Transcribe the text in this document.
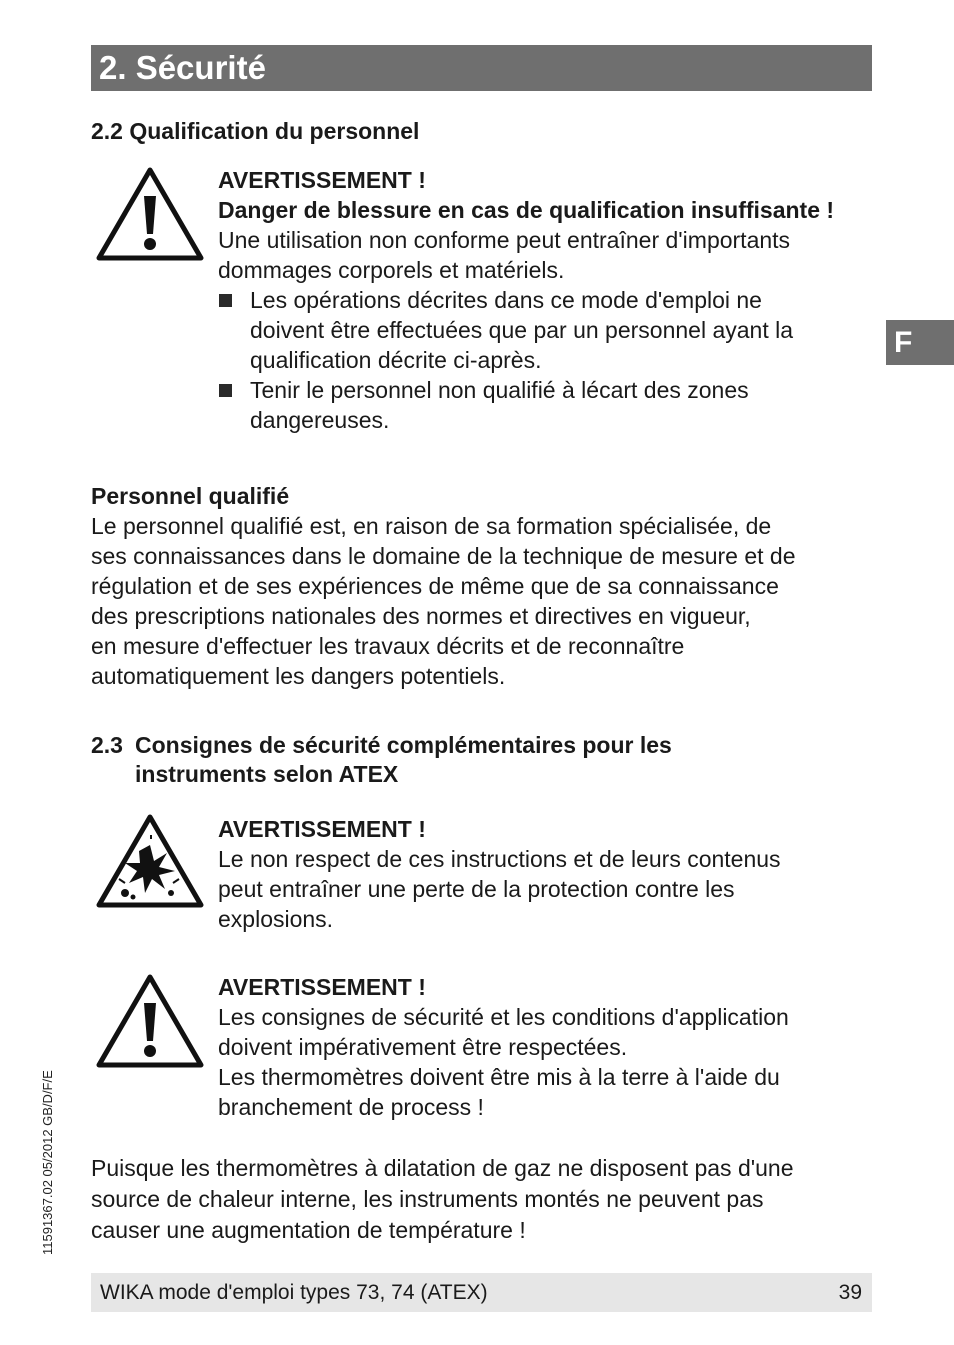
2. Sécurité
F
2.2 Qualification du personnel
AVERTISSEMENT !
Danger de blessure en cas de qualification insuffisante !
Une utilisation non conforme peut entraîner d'importants
dommages corporels et matériels.
Les opérations décrites dans ce mode d'emploi ne
doivent être effectuées que par un personnel ayant la
qualification décrite ci-après.
Tenir le personnel non qualifié à lécart des zones
dangereuses.
Personnel qualifié
Le personnel qualifié est, en raison de sa formation spécialisée, de
ses connaissances dans le domaine de la technique de mesure et de
régulation et de ses expériences de même que de sa connaissance
des prescriptions nationales des normes et directives en vigueur,
en mesure d'effectuer les travaux décrits et de reconnaître
automatiquement les dangers potentiels.
2.3 Consignes de sécurité complémentaires pour les
instruments selon ATEX
AVERTISSEMENT !
Le non respect de ces instructions et de leurs contenus
peut entraîner une perte de la protection contre les
explosions.
AVERTISSEMENT !
Les consignes de sécurité et les conditions d'application
doivent impérativement être respectées.
Les thermomètres doivent être mis à la terre à l'aide du
branchement de process !
Puisque les thermomètres à dilatation de gaz ne disposent pas d'une
source de chaleur interne, les instruments montés ne peuvent pas
causer une augmentation de température !
11591367.02 05/2012 GB/D/F/E
WIKA mode d'emploi types 73, 74 (ATEX)	39
